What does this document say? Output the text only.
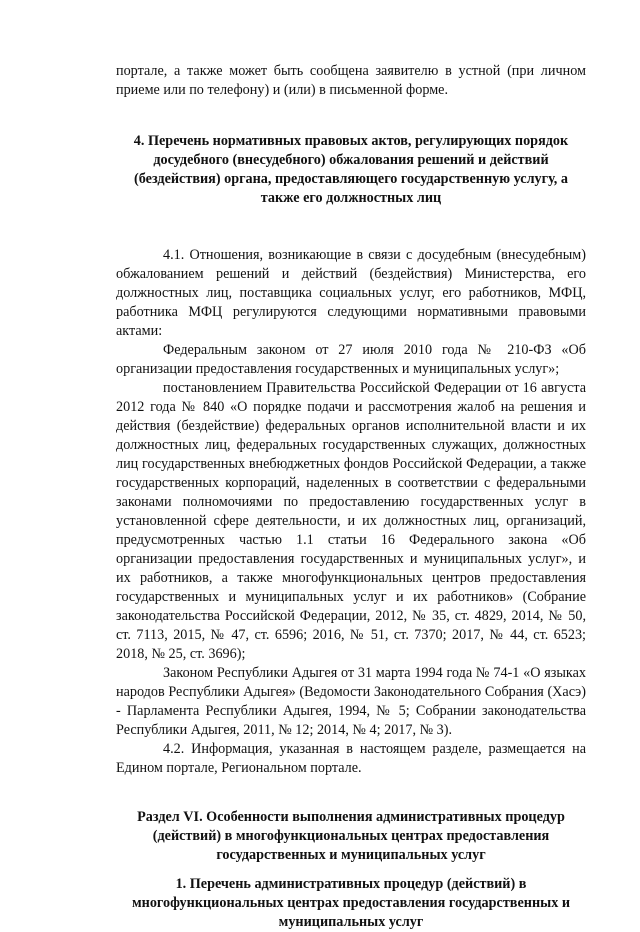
порталe, а также может быть сообщена заявителю в устной (при личном приеме или по телефону) и (или) в письменной форме.

4. Перечень нормативных правовых актов, регулирующих порядок досудебного (внесудебного) обжалования решений и действий (бездействия) органа, предоставляющего государственную услугу, а также его должностных лиц

4.1. Отношения, возникающие в связи с досудебным (внесудебным) обжалованием решений и действий (бездействия) Министерства, его должностных лиц, поставщика социальных услуг, его работников, МФЦ, работника МФЦ регулируются следующими нормативными правовыми актами:

Федеральным законом от 27 июля 2010 года № 210-ФЗ «Об организации предоставления государственных и муниципальных услуг»;

постановлением Правительства Российской Федерации от 16 августа 2012 года № 840 «О порядке подачи и рассмотрения жалоб на решения и действия (бездействие) федеральных органов исполнительной власти и их должностных лиц, федеральных государственных служащих, должностных лиц государственных внебюджетных фондов Российской Федерации, а также государственных корпораций, наделенных в соответствии с федеральными законами полномочиями по предоставлению государственных услуг в установленной сфере деятельности, и их должностных лиц, организаций, предусмотренных частью 1.1 статьи 16 Федерального закона «Об организации предоставления государственных и муниципальных услуг», и их работников, а также многофункциональных центров предоставления государственных и муниципальных услуг и их работников» (Собрание законодательства Российской Федерации, 2012, № 35, ст. 4829, 2014, № 50, ст. 7113, 2015, № 47, ст. 6596; 2016, № 51, ст. 7370; 2017, № 44, ст. 6523; 2018, № 25, ст. 3696);

Законом Республики Адыгея от 31 марта 1994 года № 74-1 «О языках народов Республики Адыгея» (Ведомости Законодательного Собрания (Хасэ) - Парламента Республики Адыгея, 1994, № 5; Собрании законодательства Республики Адыгея, 2011, № 12; 2014, № 4; 2017, № 3).

4.2. Информация, указанная в настоящем разделе, размещается на Едином портале, Региональном портале.

Раздел VI. Особенности выполнения административных процедур (действий) в многофункциональных центрах предоставления государственных и муниципальных услуг

1. Перечень административных процедур (действий) в многофункциональных центрах предоставления государственных и муниципальных услуг
